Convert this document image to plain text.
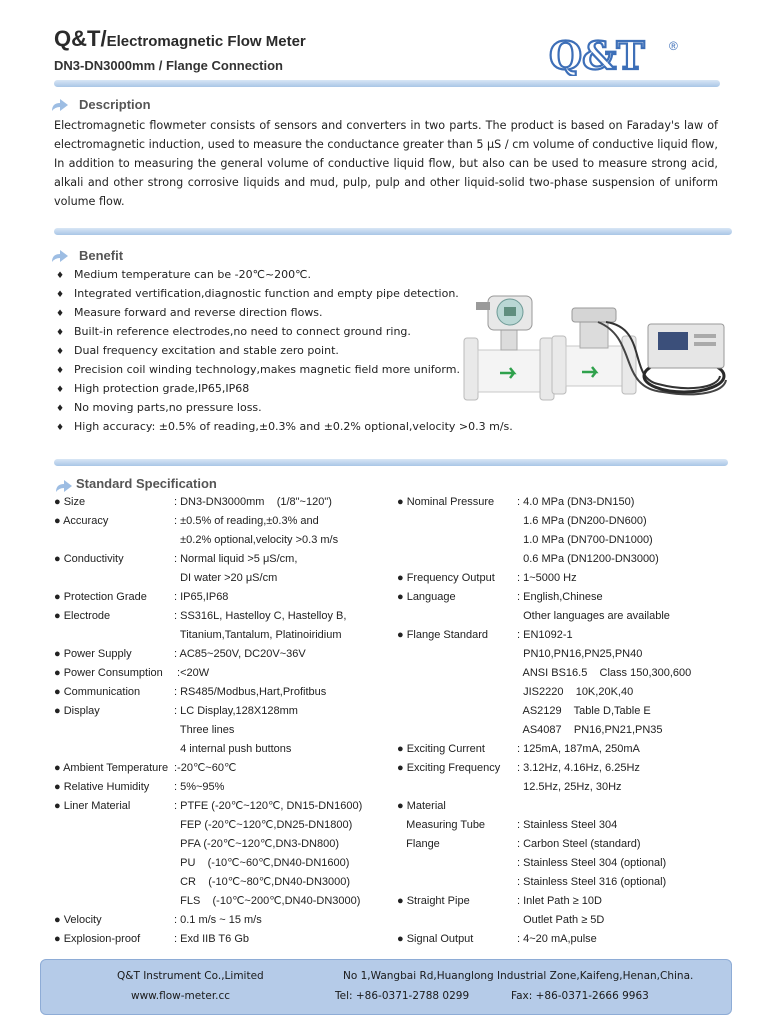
Q&T/Electromagnetic Flow Meter
DN3-DN3000mm / Flange Connection	Q&T ®
Description

Electromagnetic flowmeter consists of sensors and converters in two parts. The product is based on Faraday's law of electromagnetic induction, used to measure the conductance greater than 5 μS / cm volume of conductive liquid flow, In addition to measuring the general volume of conductive liquid flow, but also can be used to measure strong acid, alkali and other strong corrosive liquids and mud, pulp, pulp and other liquid-solid two-phase suspension of uniform volume flow.

Benefit
♦ Medium temperature can be -20℃~200℃.
♦ Integrated vertification,diagnostic function and empty pipe detection.
♦ Measure forward and reverse direction flows.
♦ Built-in reference electrodes,no need to connect ground ring.
♦ Dual frequency excitation and stable zero point.
♦ Precision coil winding technology,makes magnetic field more uniform.
♦ High protection grade,IP65,IP68
♦ No moving parts,no pressure loss.
♦ High accuracy: ±0.5% of reading,±0.3% and ±0.2% optional,velocity >0.3 m/s.
Standard Specification
● Size	: DN3-DN3000mm    (1/8"~120")
● Accuracy	: ±0.5% of reading,±0.3% and
±0.2% optional,velocity >0.3 m/s
● Conductivity	: Normal liquid >5 μS/cm,
DI water >20 μS/cm
● Protection Grade : IP65,IP68
● Electrode	: SS316L, Hastelloy C, Hastelloy B,
Titanium,Tantalum, Platinoiridium
● Power Supply	: AC85~250V, DC20V~36V
● Power Consumption :<20W
● Communication	: RS485/Modbus,Hart,Profitbus
● Display	: LC Display,128X128mm
Three lines
4 internal push buttons
● Ambient Temperature :-20℃~60℃
● Relative Humidity : 5%~95%
● Liner Material	: PTFE (-20℃~120℃, DN15-DN1600)
FEP (-20℃~120℃,DN25-DN1800)
PFA (-20℃~120℃,DN3-DN800)
PU    (-10℃~60℃,DN40-DN1600)
CR    (-10℃~80℃,DN40-DN3000)
FLS    (-10℃~200℃,DN40-DN3000)
● Velocity	: 0.1 m/s ~ 15 m/s
● Explosion-proof	: Exd IIB T6 Gb
● Nominal Pressure : 4.0 MPa (DN3-DN150)
1.6 MPa (DN200-DN600)
1.0 MPa (DN700-DN1000)
0.6 MPa (DN1200-DN3000)
● Frequency Output : 1~5000 Hz
● Language	: English,Chinese
Other languages are available
● Flange Standard	: EN1092-1
PN10,PN16,PN25,PN40
ANSI BS16.5    Class 150,300,600
JIS2220    10K,20K,40
AS2129    Table D,Table E
AS4087    PN16,PN21,PN35
● Exciting Current	: 125mA, 187mA, 250mA
● Exciting Frequency : 3.12Hz, 4.16Hz, 6.25Hz
12.5Hz, 25Hz, 30Hz
● Material
Measuring Tube	: Stainless Steel 304
Flange	: Carbon Steel (standard)
: Stainless Steel 304 (optional)
: Stainless Steel 316 (optional)
● Straight Pipe	: Inlet Path ≥ 10D
Outlet Path ≥ 5D
● Signal Output	: 4~20 mA,pulse
Q&T Instrument Co.,Limited	No 1,Wangbai Rd,Huanglong Industrial Zone,Kaifeng,Henan,China.
www.flow-meter.cc	Tel: +86-0371-2788 0299	Fax: +86-0371-2666 9963
